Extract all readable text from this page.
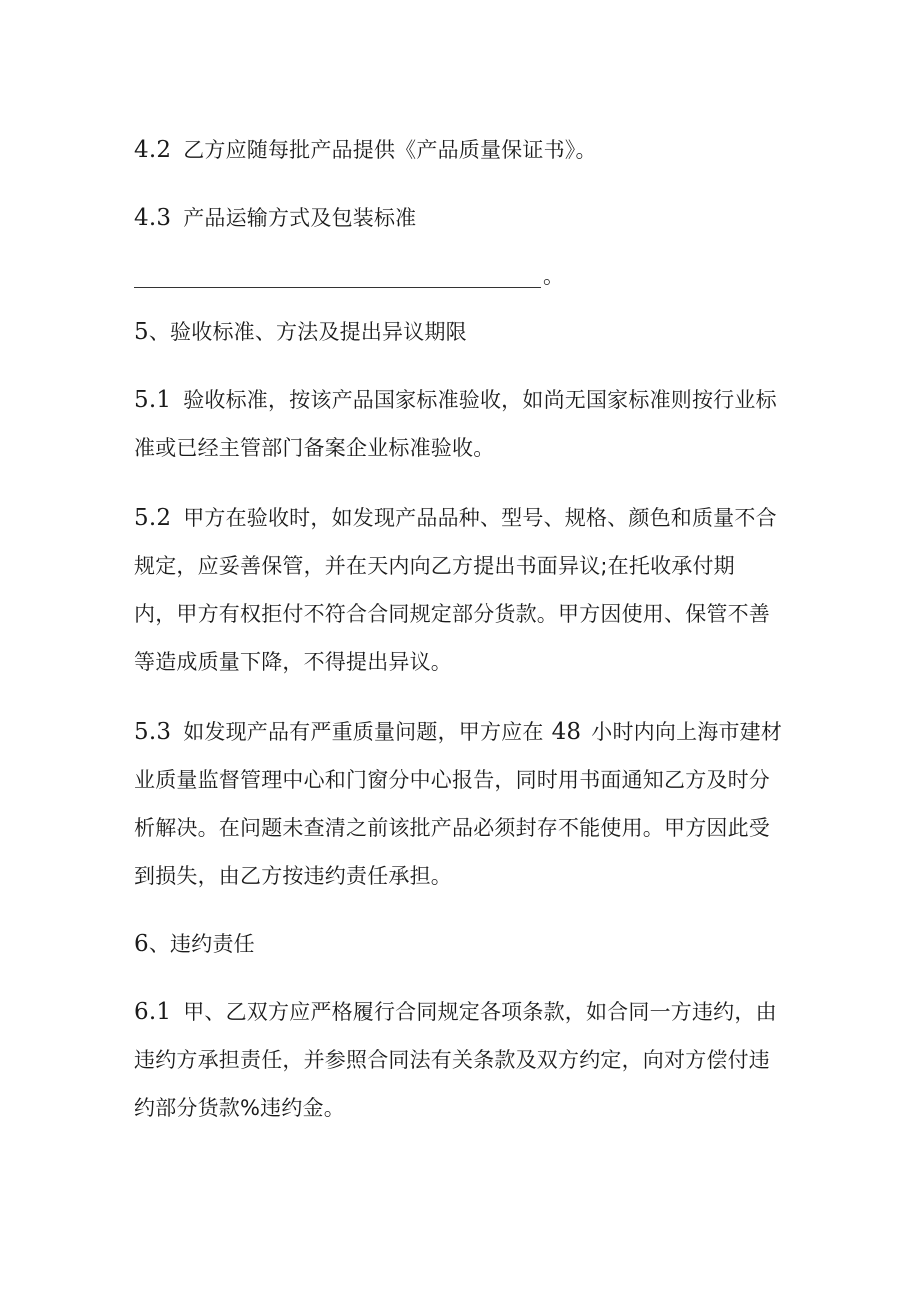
4.2 乙方应随每批产品提供《产品质量保证书》。

4.3 产品运输方式及包装标准

。

5、验收标准、方法及提出异议期限

5.1 验收标准，按该产品国家标准验收，如尚无国家标准则按行业标
准或已经主管部门备案企业标准验收。

5.2 甲方在验收时，如发现产品品种、型号、规格、颜色和质量不合
规定，应妥善保管，并在天内向乙方提出书面异议;在托收承付期
内，甲方有权拒付不符合合同规定部分货款。甲方因使用、保管不善
等造成质量下降，不得提出异议。

5.3 如发现产品有严重质量问题，甲方应在 48 小时内向上海市建材
业质量监督管理中心和门窗分中心报告，同时用书面通知乙方及时分
析解决。在问题未查清之前该批产品必须封存不能使用。甲方因此受
到损失，由乙方按违约责任承担。

6、违约责任

6.1 甲、乙双方应严格履行合同规定各项条款，如合同一方违约，由
违约方承担责任，并参照合同法有关条款及双方约定，向对方偿付违
约部分货款%违约金。
